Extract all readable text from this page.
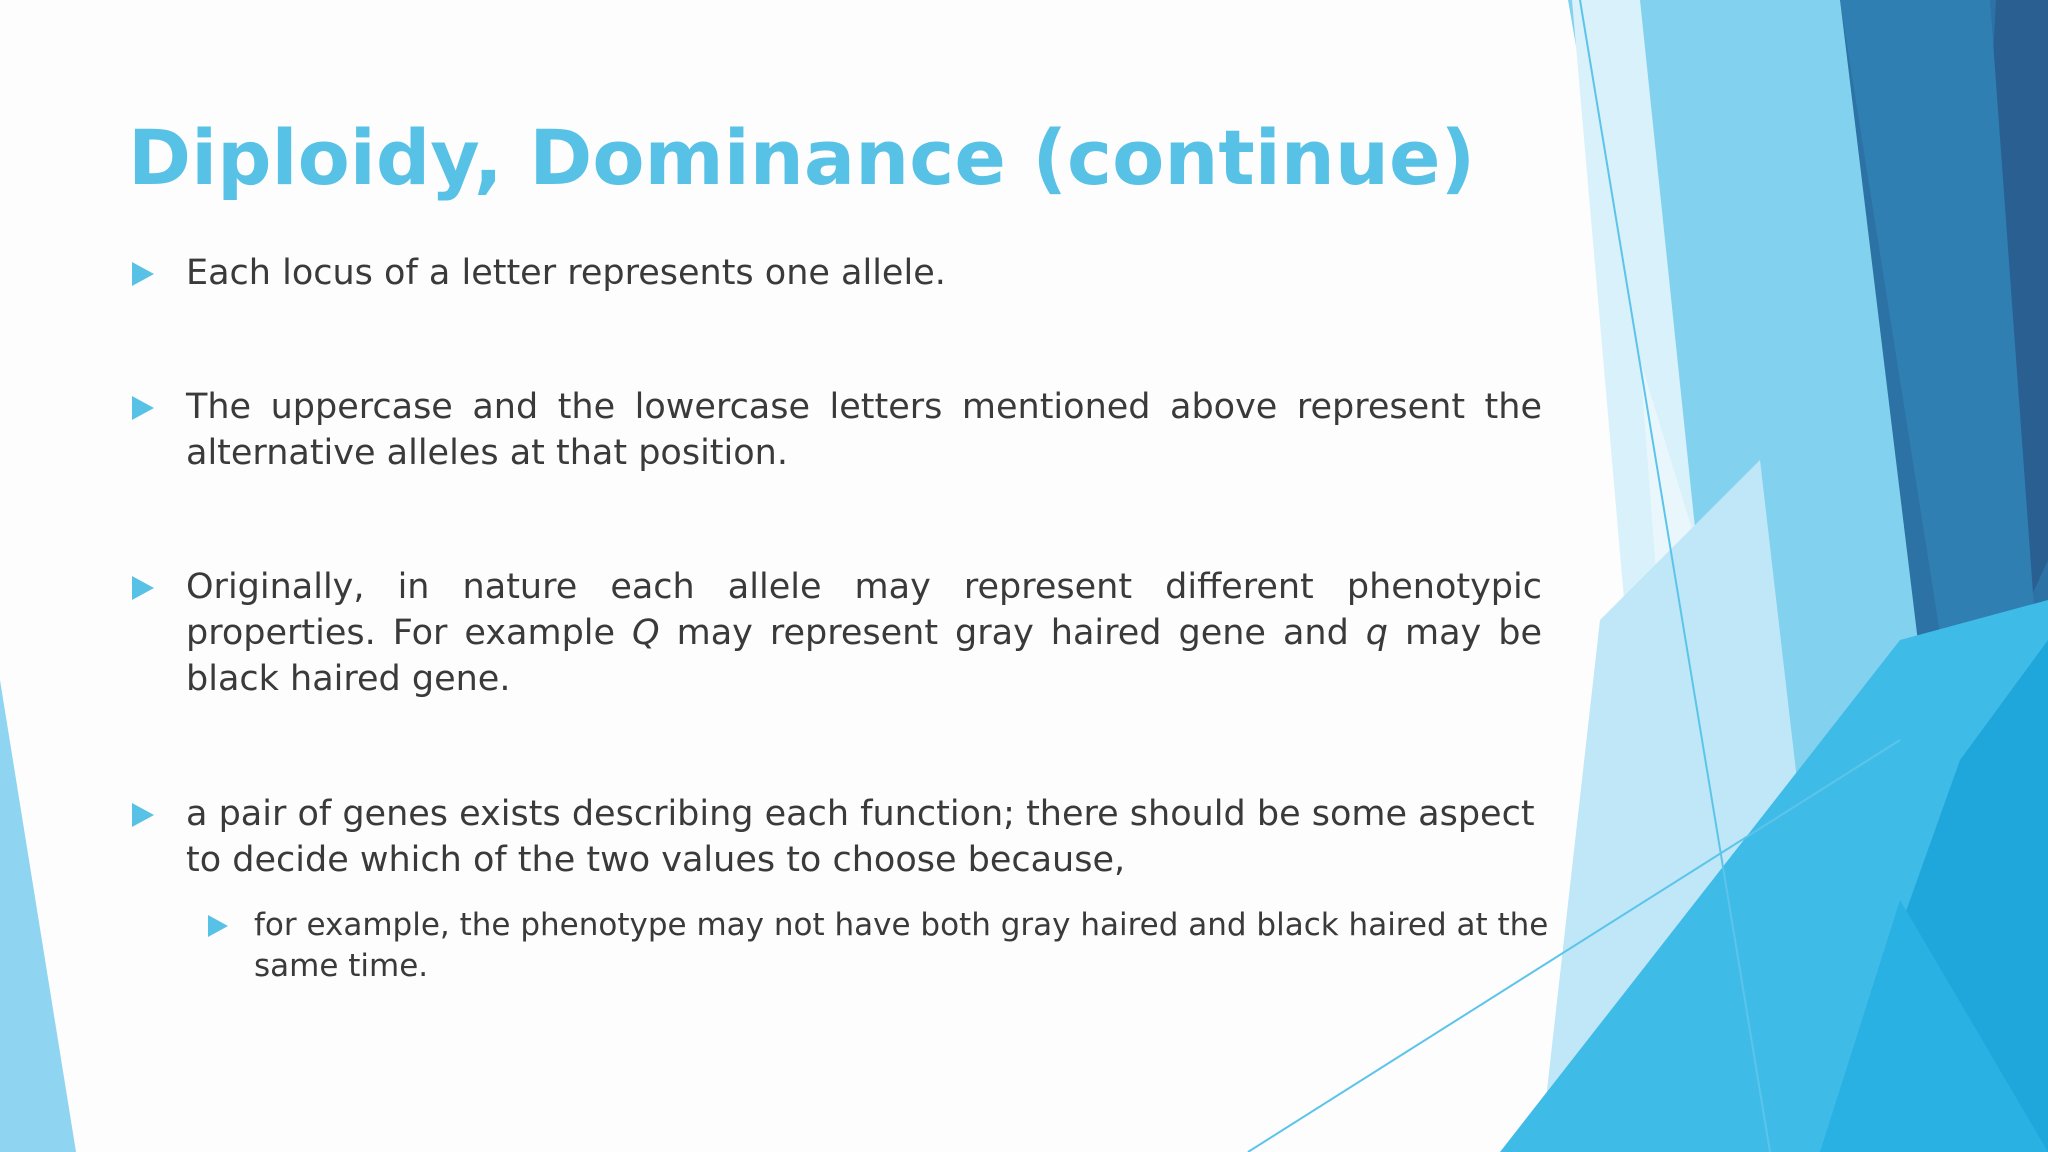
Diploidy, Dominance (continue)
Each locus of a letter represents one allele.
The uppercase and the lowercase letters mentioned above represent the alternative alleles at that position.
Originally, in nature each allele may represent different phenotypic properties. For example Q may represent gray haired gene and q may be black haired gene.
a pair of genes exists describing each function; there should be some aspect to decide which of the two values to choose because,
for example, the phenotype may not have both gray haired and black haired at the same time.
